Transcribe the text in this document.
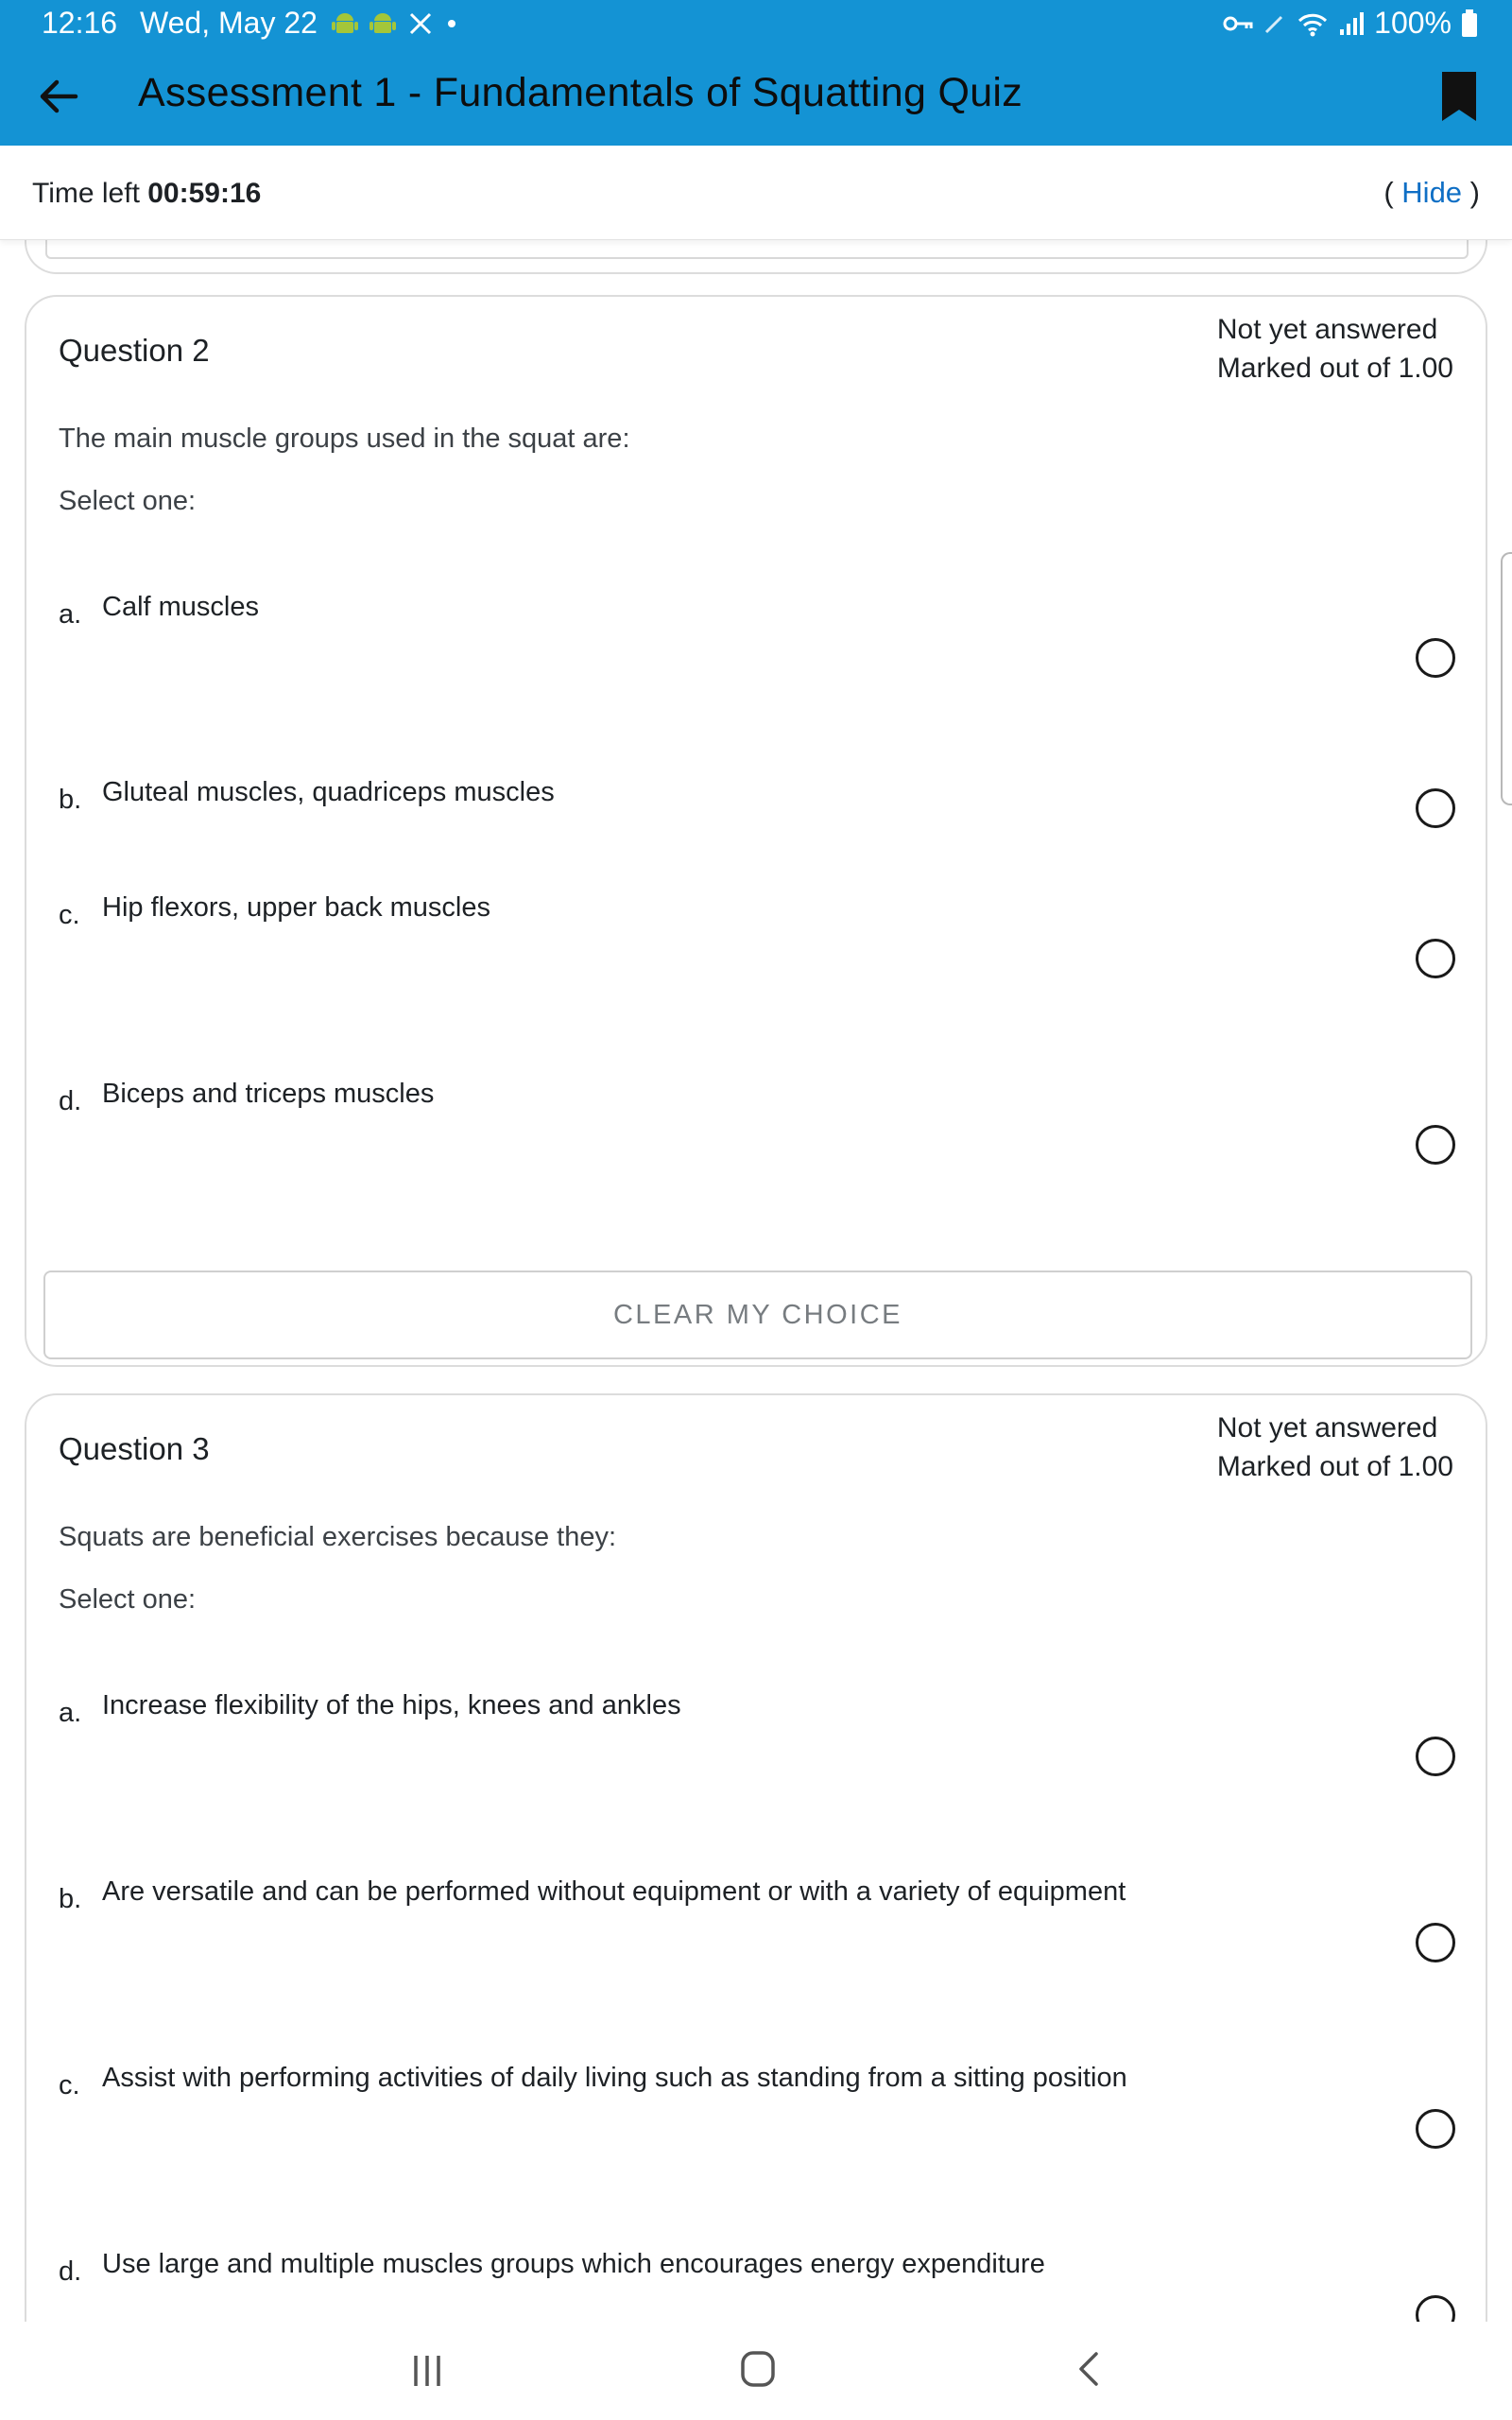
12:16 Wed, May 22	100%
Assessment 1 - Fundamentals of Squatting Quiz
Time left 00:59:16	( Hide )
Question 2
Not yet answered
Marked out of 1.00
The main muscle groups used in the squat are:
Select one:
a. Calf muscles
b. Gluteal muscles, quadriceps muscles
c. Hip flexors, upper back muscles
d. Biceps and triceps muscles
CLEAR MY CHOICE
Question 3
Not yet answered
Marked out of 1.00
Squats are beneficial exercises because they:
Select one:
a. Increase flexibility of the hips, knees and ankles
b. Are versatile and can be performed without equipment or with a variety of equipment
c. Assist with performing activities of daily living such as standing from a sitting position
d. Use large and multiple muscles groups which encourages energy expenditure
